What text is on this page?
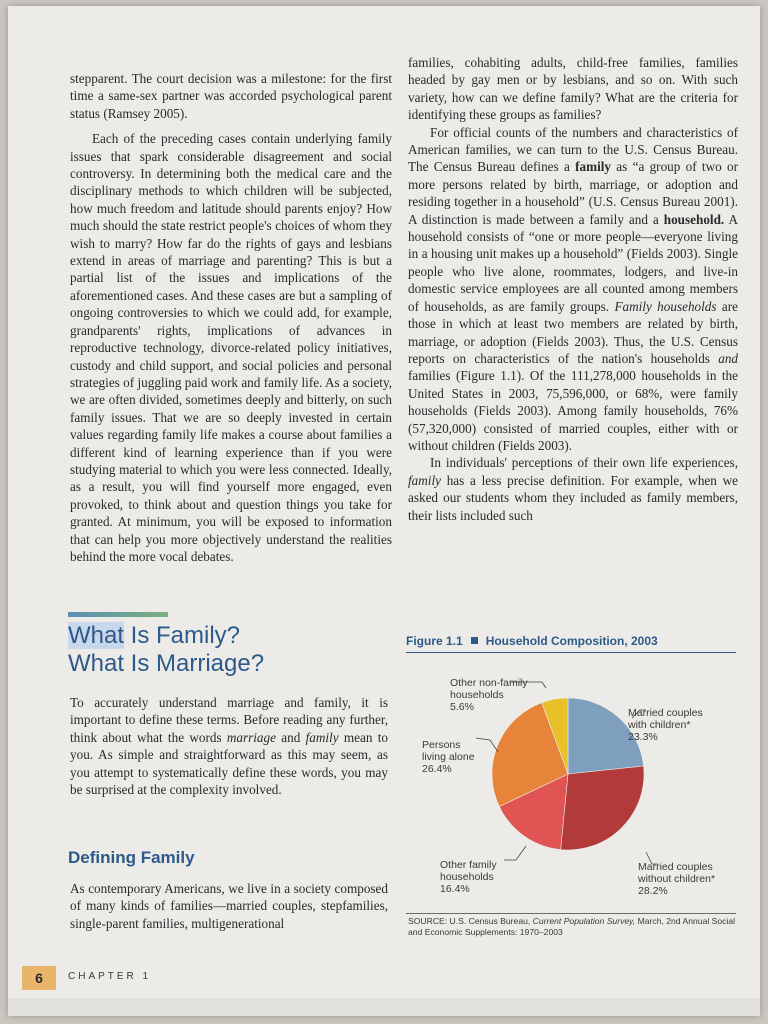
stepparent. The court decision was a milestone: for the first time a same-sex partner was accorded psychological parent status (Ramsey 2005).

Each of the preceding cases contain underlying family issues that spark considerable disagreement and social controversy. In determining both the medical care and the disciplinary methods to which children will be subjected, how much freedom and latitude should parents enjoy? How much should the state restrict people's choices of whom they wish to marry? How far do the rights of gays and lesbians extend in areas of marriage and parenting? This is but a partial list of the issues and implications of the aforementioned cases. And these cases are but a sampling of ongoing controversies to which we could add, for example, grandparents' rights, implications of advances in reproductive technology, divorce-related policy initiatives, custody and child support, and social policies and personal strategies of juggling paid work and family life. As a society, we are often divided, sometimes deeply and bitterly, on such family issues. That we are so deeply invested in certain values regarding family life makes a course about families a different kind of learning experience than if you were studying material to which you were less connected. Ideally, as a result, you will find yourself more engaged, even provoked, to think about and question things you take for granted. At minimum, you will be exposed to information that can help you more objectively understand the realities behind the more vocal debates.

families, cohabiting adults, child-free families, families headed by gay men or by lesbians, and so on. With such variety, how can we define family? What are the criteria for identifying these groups as families?

For official counts of the numbers and characteristics of American families, we can turn to the U.S. Census Bureau. The Census Bureau defines a family as “a group of two or more persons related by birth, marriage, or adoption and residing together in a household” (U.S. Census Bureau 2001). A distinction is made between a family and a household. A household consists of “one or more people—everyone living in a housing unit makes up a household” (Fields 2003). Single people who live alone, roommates, lodgers, and live-in domestic service employees are all counted among members of households, as are family groups. Family households are those in which at least two members are related by birth, marriage, or adoption (Fields 2003). Thus, the U.S. Census reports on characteristics of the nation's households and families (Figure 1.1). Of the 111,278,000 households in the United States in 2003, 75,596,000, or 68%, were family households (Fields 2003). Among family households, 76% (57,320,000) consisted of married couples, either with or without children (Fields 2003).

In individuals' perceptions of their own life experiences, family has a less precise definition. For example, when we asked our students whom they included as family members, their lists included such

What Is Family?
What Is Marriage?

To accurately understand marriage and family, it is important to define these terms. Before reading any further, think about what the words marriage and family mean to you. As simple and straightforward as this may seem, as you attempt to systematically define these words, you may be surprised at the complexity involved.

Defining Family

As contemporary Americans, we live in a society composed of many kinds of families—married couples, stepfamilies, single-parent families, multigenerational

Figure 1.1 Household Composition, 2003
Married couples with children* 23.3%
Married couples without children* 28.2%
Other family households 16.4%
Persons living alone 26.4%
Other non-family households 5.6%
SOURCE: U.S. Census Bureau, Current Population Survey, March, 2nd Annual Social and Economic Supplements: 1970–2003
6	CHAPTER 1
